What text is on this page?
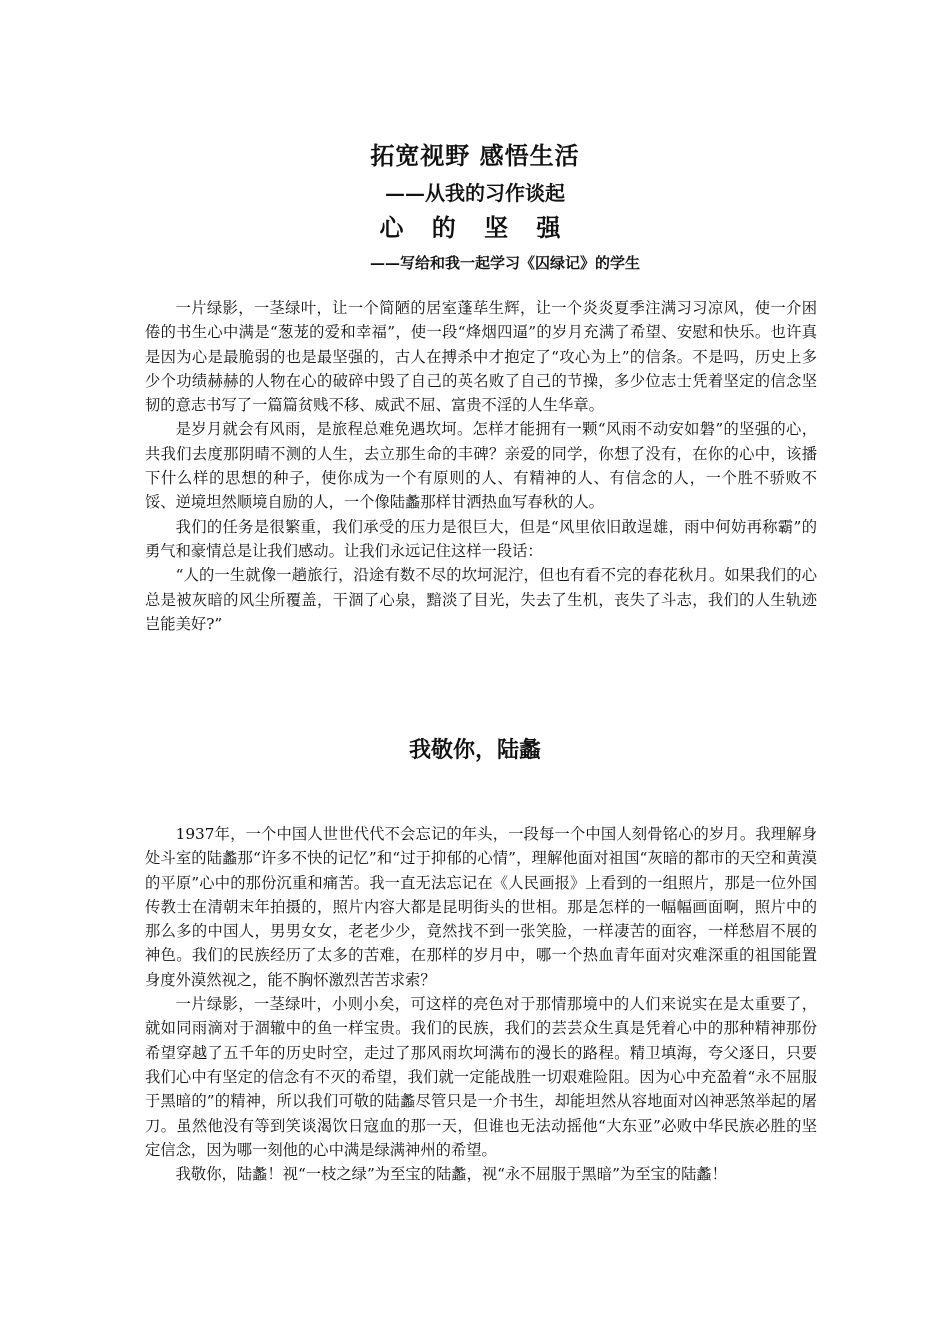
拓宽视野 感悟生活
——从我的习作谈起
心 的 坚 强
——写给和我一起学习《囚绿记》的学生

一片绿影，一茎绿叶，让一个简陋的居室蓬荜生辉，让一个炎炎夏季注满习习凉风，使一介困倦的书生心中满是“葱茏的爱和幸福”，使一段“烽烟四逼”的岁月充满了希望、安慰和快乐。也许真是因为心是最脆弱的也是最坚强的，古人在搏杀中才抱定了“攻心为上”的信条。不是吗，历史上多少个功绩赫赫的人物在心的破碎中毁了自己的英名败了自己的节操，多少位志士凭着坚定的信念坚韧的意志书写了一篇篇贫贱不移、威武不屈、富贵不淫的人生华章。

是岁月就会有风雨，是旅程总难免遇坎坷。怎样才能拥有一颗“风雨不动安如磐”的坚强的心，共我们去度那阴晴不测的人生，去立那生命的丰碑？亲爱的同学，你想了没有，在你的心中，该播下什么样的思想的种子，使你成为一个有原则的人、有精神的人、有信念的人，一个胜不骄败不馁、逆境坦然顺境自励的人，一个像陆蠡那样甘洒热血写春秋的人。

我们的任务是很繁重，我们承受的压力是很巨大，但是“风里依旧敢逞雄，雨中何妨再称霸”的勇气和豪情总是让我们感动。让我们永远记住这样一段话：

“人的一生就像一趟旅行，沿途有数不尽的坎坷泥泞，但也有看不完的春花秋月。如果我们的心总是被灰暗的风尘所覆盖，干涸了心泉，黯淡了目光，失去了生机，丧失了斗志，我们的人生轨迹岂能美好?”

我敬你，陆蠡

1937年，一个中国人世世代代不会忘记的年头，一段每一个中国人刻骨铭心的岁月。我理解身处斗室的陆蠡那“许多不快的记忆”和“过于抑郁的心情”，理解他面对祖国“灰暗的都市的天空和黄漠的平原”心中的那份沉重和痛苦。我一直无法忘记在《人民画报》上看到的一组照片，那是一位外国传教士在清朝末年拍摄的，照片内容大都是昆明街头的世相。那是怎样的一幅幅画面啊，照片中的那么多的中国人，男男女女，老老少少，竟然找不到一张笑脸，一样凄苦的面容，一样愁眉不展的神色。我们的民族经历了太多的苦难，在那样的岁月中，哪一个热血青年面对灾难深重的祖国能置身度外漠然视之，能不胸怀激烈苦苦求索？

一片绿影，一茎绿叶，小则小矣，可这样的亮色对于那情那境中的人们来说实在是太重要了，就如同雨滴对于涸辙中的鱼一样宝贵。我们的民族，我们的芸芸众生真是凭着心中的那种精神那份希望穿越了五千年的历史时空，走过了那风雨坎坷满布的漫长的路程。精卫填海，夸父逐日，只要我们心中有坚定的信念有不灭的希望，我们就一定能战胜一切艰难险阻。因为心中充盈着“永不屈服于黑暗的”的精神，所以我们可敬的陆蠡尽管只是一介书生，却能坦然从容地面对凶神恶煞举起的屠刀。虽然他没有等到笑谈渴饮日寇血的那一天，但谁也无法动摇他“大东亚”必败中华民族必胜的坚定信念，因为哪一刻他的心中满是绿满神州的希望。

我敬你，陆蠡！视“一枝之绿”为至宝的陆蠡，视“永不屈服于黑暗”为至宝的陆蠡！
